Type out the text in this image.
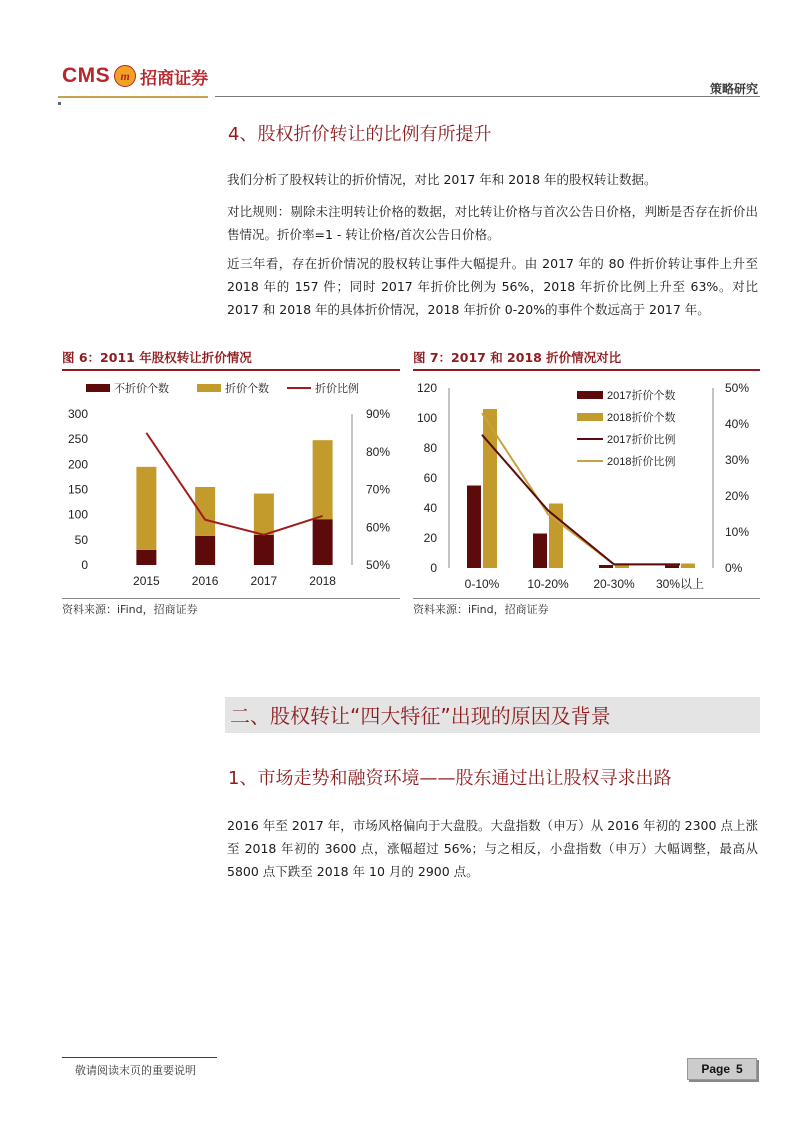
CMS m 招商证券
策略研究
4、股权折价转让的比例有所提升
我们分析了股权转让的折价情况，对比 2017 年和 2018 年的股权转让数据。
对比规则：剔除未注明转让价格的数据，对比转让价格与首次公告日价格，判断是否存在折价出售情况。折价率=1 - 转让价格/首次公告日价格。
近三年看，存在折价情况的股权转让事件大幅提升。由 2017 年的 80 件折价转让事件上升至 2018 年的 157 件；同时 2017 年折价比例为 56%，2018 年折价比例上升至 63%。对比 2017 和 2018 年的具体折价情况，2018 年折价 0-20%的事件个数远高于 2017 年。
图 6：2011 年股权转让折价情况
不折价个数	折价个数	折价比例
0
50
100
150
200
250
300
50%
60%
70%
80%
90%
2015	2016	2017	2018
资料来源：iFind，招商证券
图 7：2017 和 2018 折价情况对比
0
20
40
60
80
100
120
0%
10%
20%
30%
40%
50%
0-10% 10-20% 20-30% 30%以上
2017折价个数
2018折价个数
2017折价比例
2018折价比例
资料来源：iFind，招商证券
二、股权转让“四大特征”出现的原因及背景
1、市场走势和融资环境——股东通过出让股权寻求出路
2016 年至 2017 年，市场风格偏向于大盘股。大盘指数（申万）从 2016 年初的 2300 点上涨至 2018 年初的 3600 点，涨幅超过 56%；与之相反，小盘指数（申万）大幅调整，最高从 5800 点下跌至 2018 年 10 月的 2900 点。
敬请阅读末页的重要说明	Page 5
